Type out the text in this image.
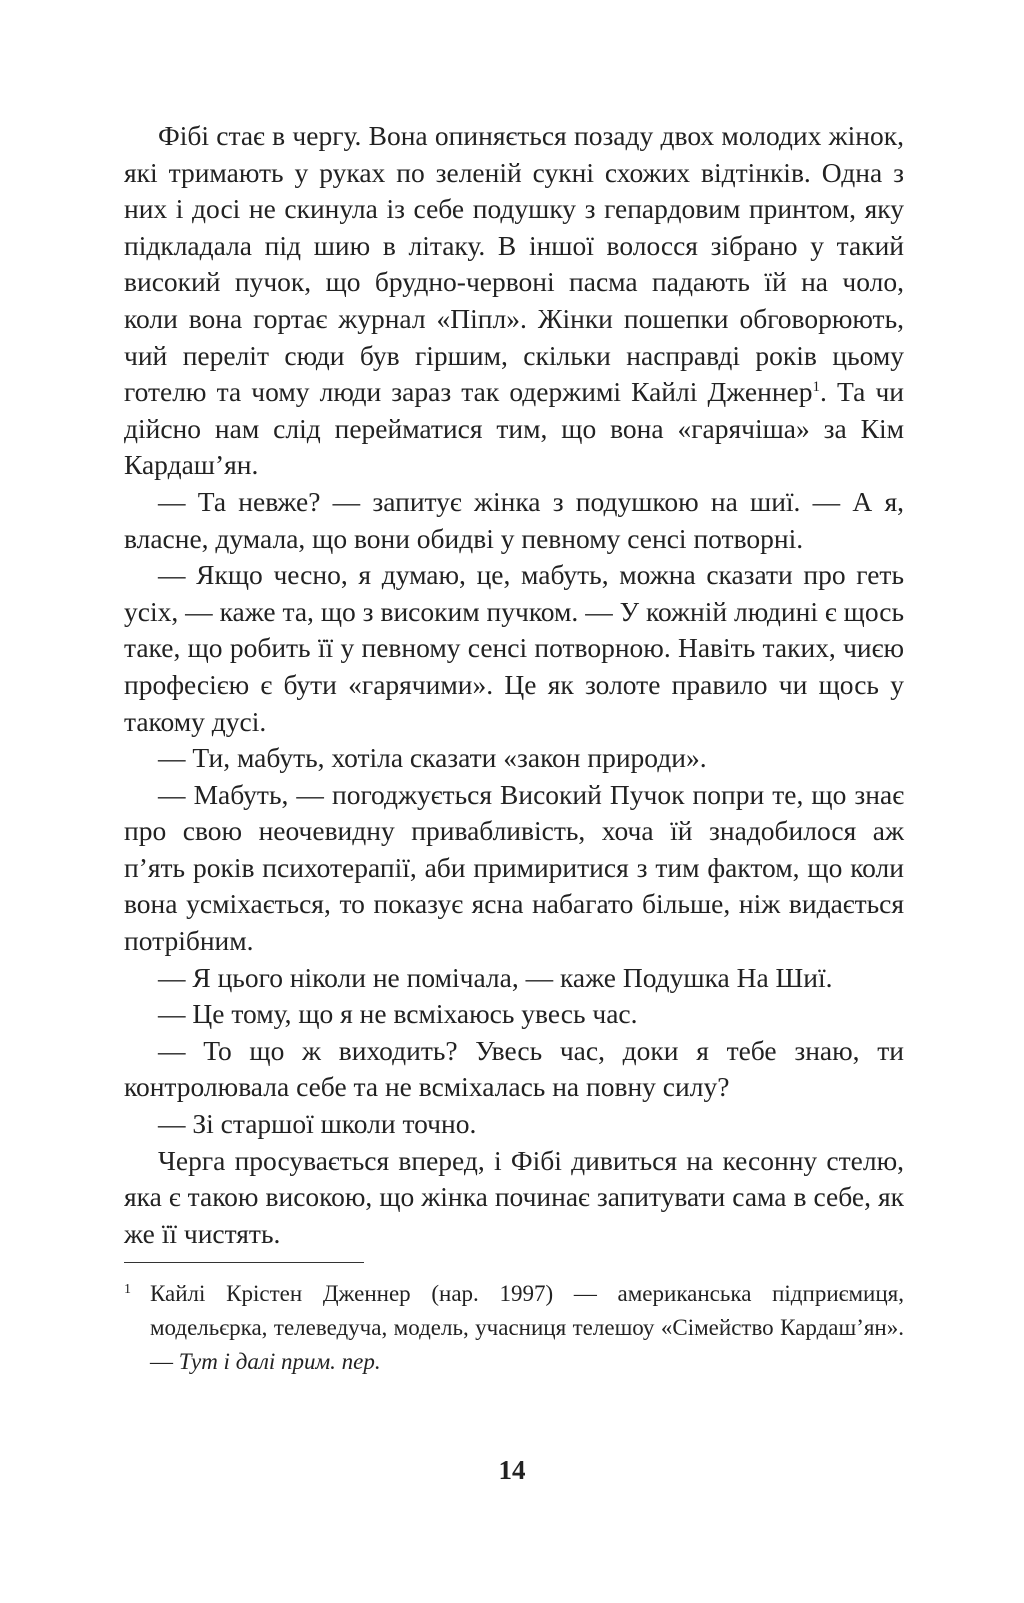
Фібі стає в чергу. Вона опиняється позаду двох молодих жінок, які тримають у руках по зеленій сукні схожих відтінків. Одна з них і досі не скинула із себе подушку з гепардовим принтом, яку підкладала під шию в літаку. В іншої волосся зібрано у такий високий пучок, що брудно-червоні пасма падають їй на чоло, коли вона гортає журнал «Піпл». Жінки пошепки обговорюють, чий переліт сюди був гіршим, скільки насправді років цьому готелю та чому люди зараз так одержимі Кайлі Дженнер$^1$. Та чи дійсно нам слід перейматися тим, що вона «гарячіша» за Кім Кардаш’ян.

— Та невже? — запитує жінка з подушкою на шиї. — А я, власне, думала, що вони обидві у певному сенсі потворні.

— Якщо чесно, я думаю, це, мабуть, можна сказати про геть усіх, — каже та, що з високим пучком. — У кожній людині є щось таке, що робить її у певному сенсі потворною. Навіть таких, чиєю професією є бути «гарячими». Це як золоте правило чи щось у такому дусі.

— Ти, мабуть, хотіла сказати «закон природи».

— Мабуть, — погоджується Високий Пучок попри те, що знає про свою неочевидну привабливість, хоча їй знадобилося аж п’ять років психотерапії, аби примиритися з тим фактом, що коли вона усміхається, то показує ясна набагато більше, ніж видається потрібним.

— Я цього ніколи не помічала, — каже Подушка На Шиї.

— Це тому, що я не всміхаюсь увесь час.

— То що ж виходить? Увесь час, доки я тебе знаю, ти контролювала себе та не всміхалась на повну силу?

— Зі старшої школи точно.

Черга просувається вперед, і Фібі дивиться на кесонну стелю, яка є такою високою, що жінка починає запитувати сама в себе, як же її чистять.

1 Кайлі Крістен Дженнер (нар. 1997) — американська підприємиця, модельєрка, телеведуча, модель, учасниця телешоу «Сімейство Кардаш’ян». — Тут і далі прим. пер.
14
